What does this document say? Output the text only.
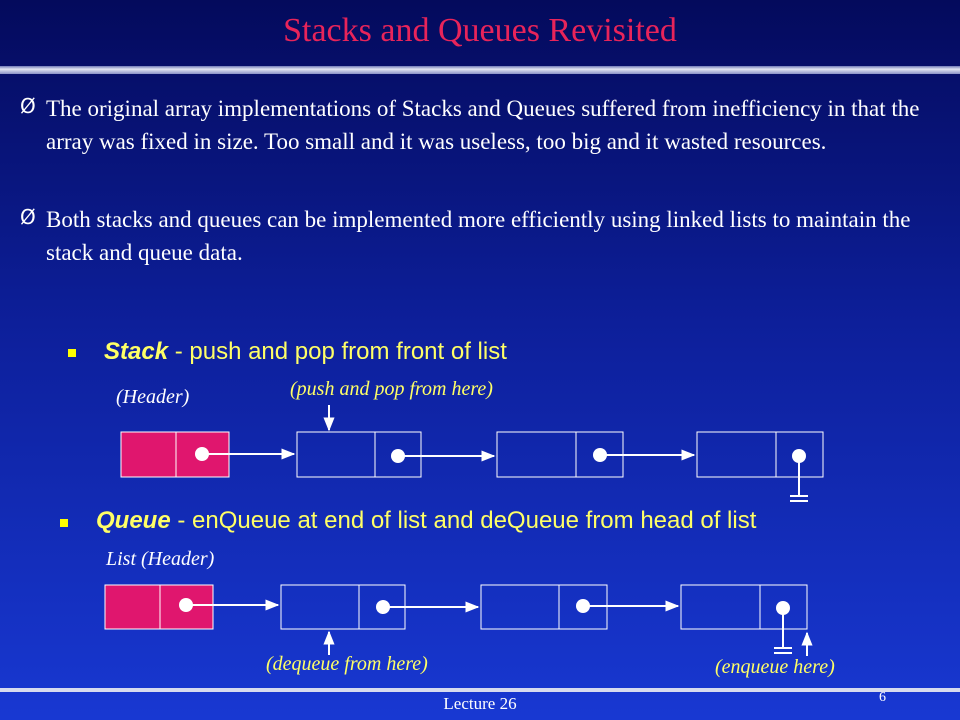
Stacks and Queues Revisited
Ø The original array implementations of Stacks and Queues suffered from inefficiency in that the array was fixed in size. Too small and it was useless, too big and it wasted resources.
Ø Both stacks and queues can be implemented more efficiently using linked lists to maintain the stack and queue data.
Stack - push and pop from front of list
(Header)	(push and pop from here)
Queue - enQueue at end of list and deQueue from head of list
List (Header)
(dequeue from here)	(enqueue here)
Lecture 26	6
